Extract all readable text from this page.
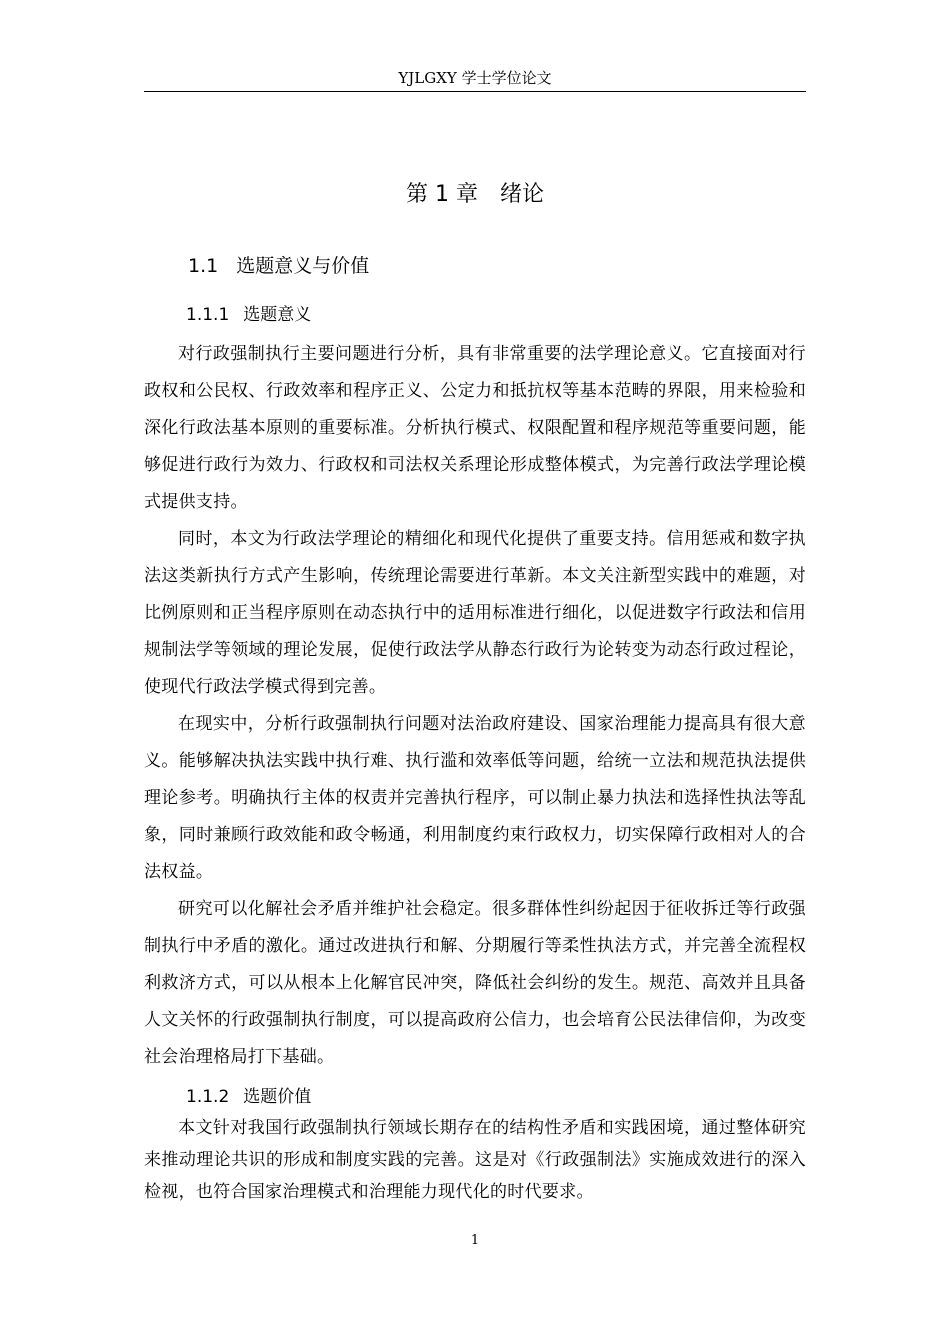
YJLGXY 学士学位论文
第 1 章 绪论
1.1 选题意义与价值
1.1.1 选题意义

对行政强制执行主要问题进行分析，具有非常重要的法学理论意义。它直接面对行政权和公民权、行政效率和程序正义、公定力和抵抗权等基本范畴的界限，用来检验和深化行政法基本原则的重要标准。分析执行模式、权限配置和程序规范等重要问题，能够促进行政行为效力、行政权和司法权关系理论形成整体模式，为完善行政法学理论模式提供支持。

同时，本文为行政法学理论的精细化和现代化提供了重要支持。信用惩戒和数字执法这类新执行方式产生影响，传统理论需要进行革新。本文关注新型实践中的难题，对比例原则和正当程序原则在动态执行中的适用标准进行细化，以促进数字行政法和信用规制法学等领域的理论发展，促使行政法学从静态行政行为论转变为动态行政过程论，使现代行政法学模式得到完善。

在现实中，分析行政强制执行问题对法治政府建设、国家治理能力提高具有很大意义。能够解决执法实践中执行难、执行滥和效率低等问题，给统一立法和规范执法提供理论参考。明确执行主体的权责并完善执行程序，可以制止暴力执法和选择性执法等乱象，同时兼顾行政效能和政令畅通，利用制度约束行政权力，切实保障行政相对人的合法权益。

研究可以化解社会矛盾并维护社会稳定。很多群体性纠纷起因于征收拆迁等行政强制执行中矛盾的激化。通过改进执行和解、分期履行等柔性执法方式，并完善全流程权利救济方式，可以从根本上化解官民冲突，降低社会纠纷的发生。规范、高效并且具备人文关怀的行政强制执行制度，可以提高政府公信力，也会培育公民法律信仰，为改变社会治理格局打下基础。

1.1.2 选题价值

本文针对我国行政强制执行领域长期存在的结构性矛盾和实践困境，通过整体研究来推动理论共识的形成和制度实践的完善。这是对《行政强制法》实施成效进行的深入检视，也符合国家治理模式和治理能力现代化的时代要求。

1
